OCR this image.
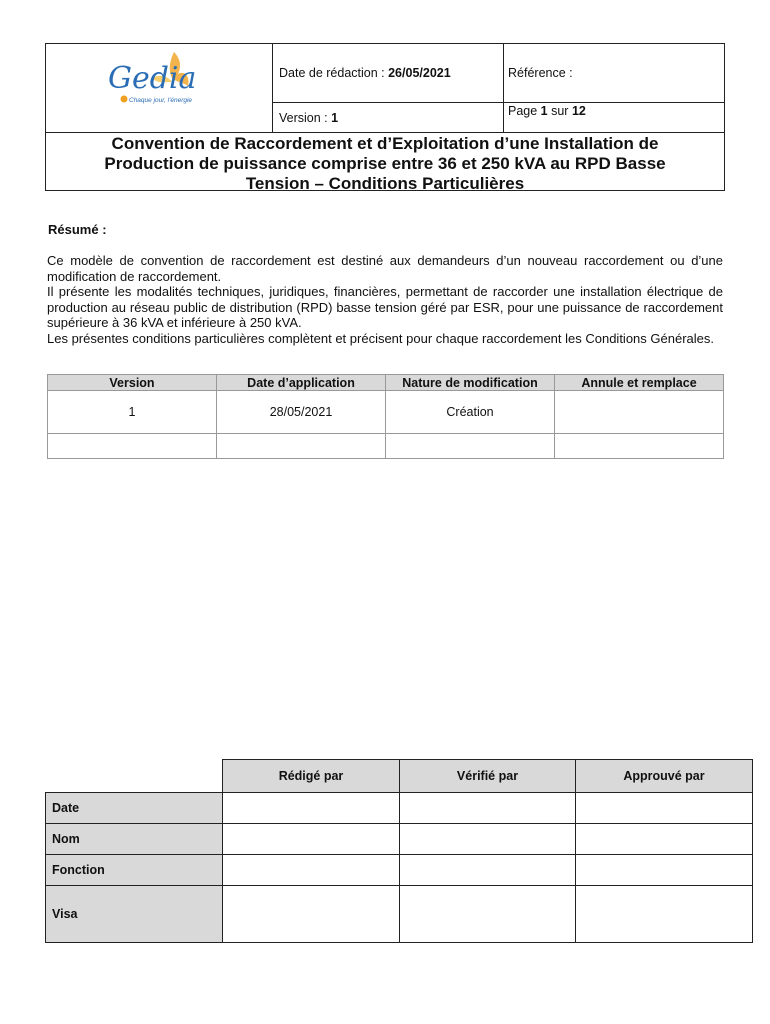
Gedia
Chaque jour, l'énergie
Date de rédaction : 26/05/2021	Référence :
Version : 1	Page 1 sur 12
Convention de Raccordement et d’Exploitation d’une Installation de
Production de puissance comprise entre 36 et 250 kVA au RPD Basse
Tension – Conditions Particulières
Résumé :
Ce modèle de convention de raccordement est destiné aux demandeurs d’un nouveau raccordement ou d’une modification de raccordement.
Il présente les modalités techniques, juridiques, financières, permettant de raccorder une installation électrique de production au réseau public de distribution (RPD) basse tension géré par ESR, pour une puissance de raccordement supérieure à 36 kVA et inférieure à 250 kVA.
Les présentes conditions particulières complètent et précisent pour chaque raccordement les Conditions Générales.
Version	Date d’application	Nature de modification	Annule et remplace
1	28/05/2021	Création	

	Rédigé par	Vérifié par	Approuvé par
Date			
Nom			
Fonction			
Visa			
